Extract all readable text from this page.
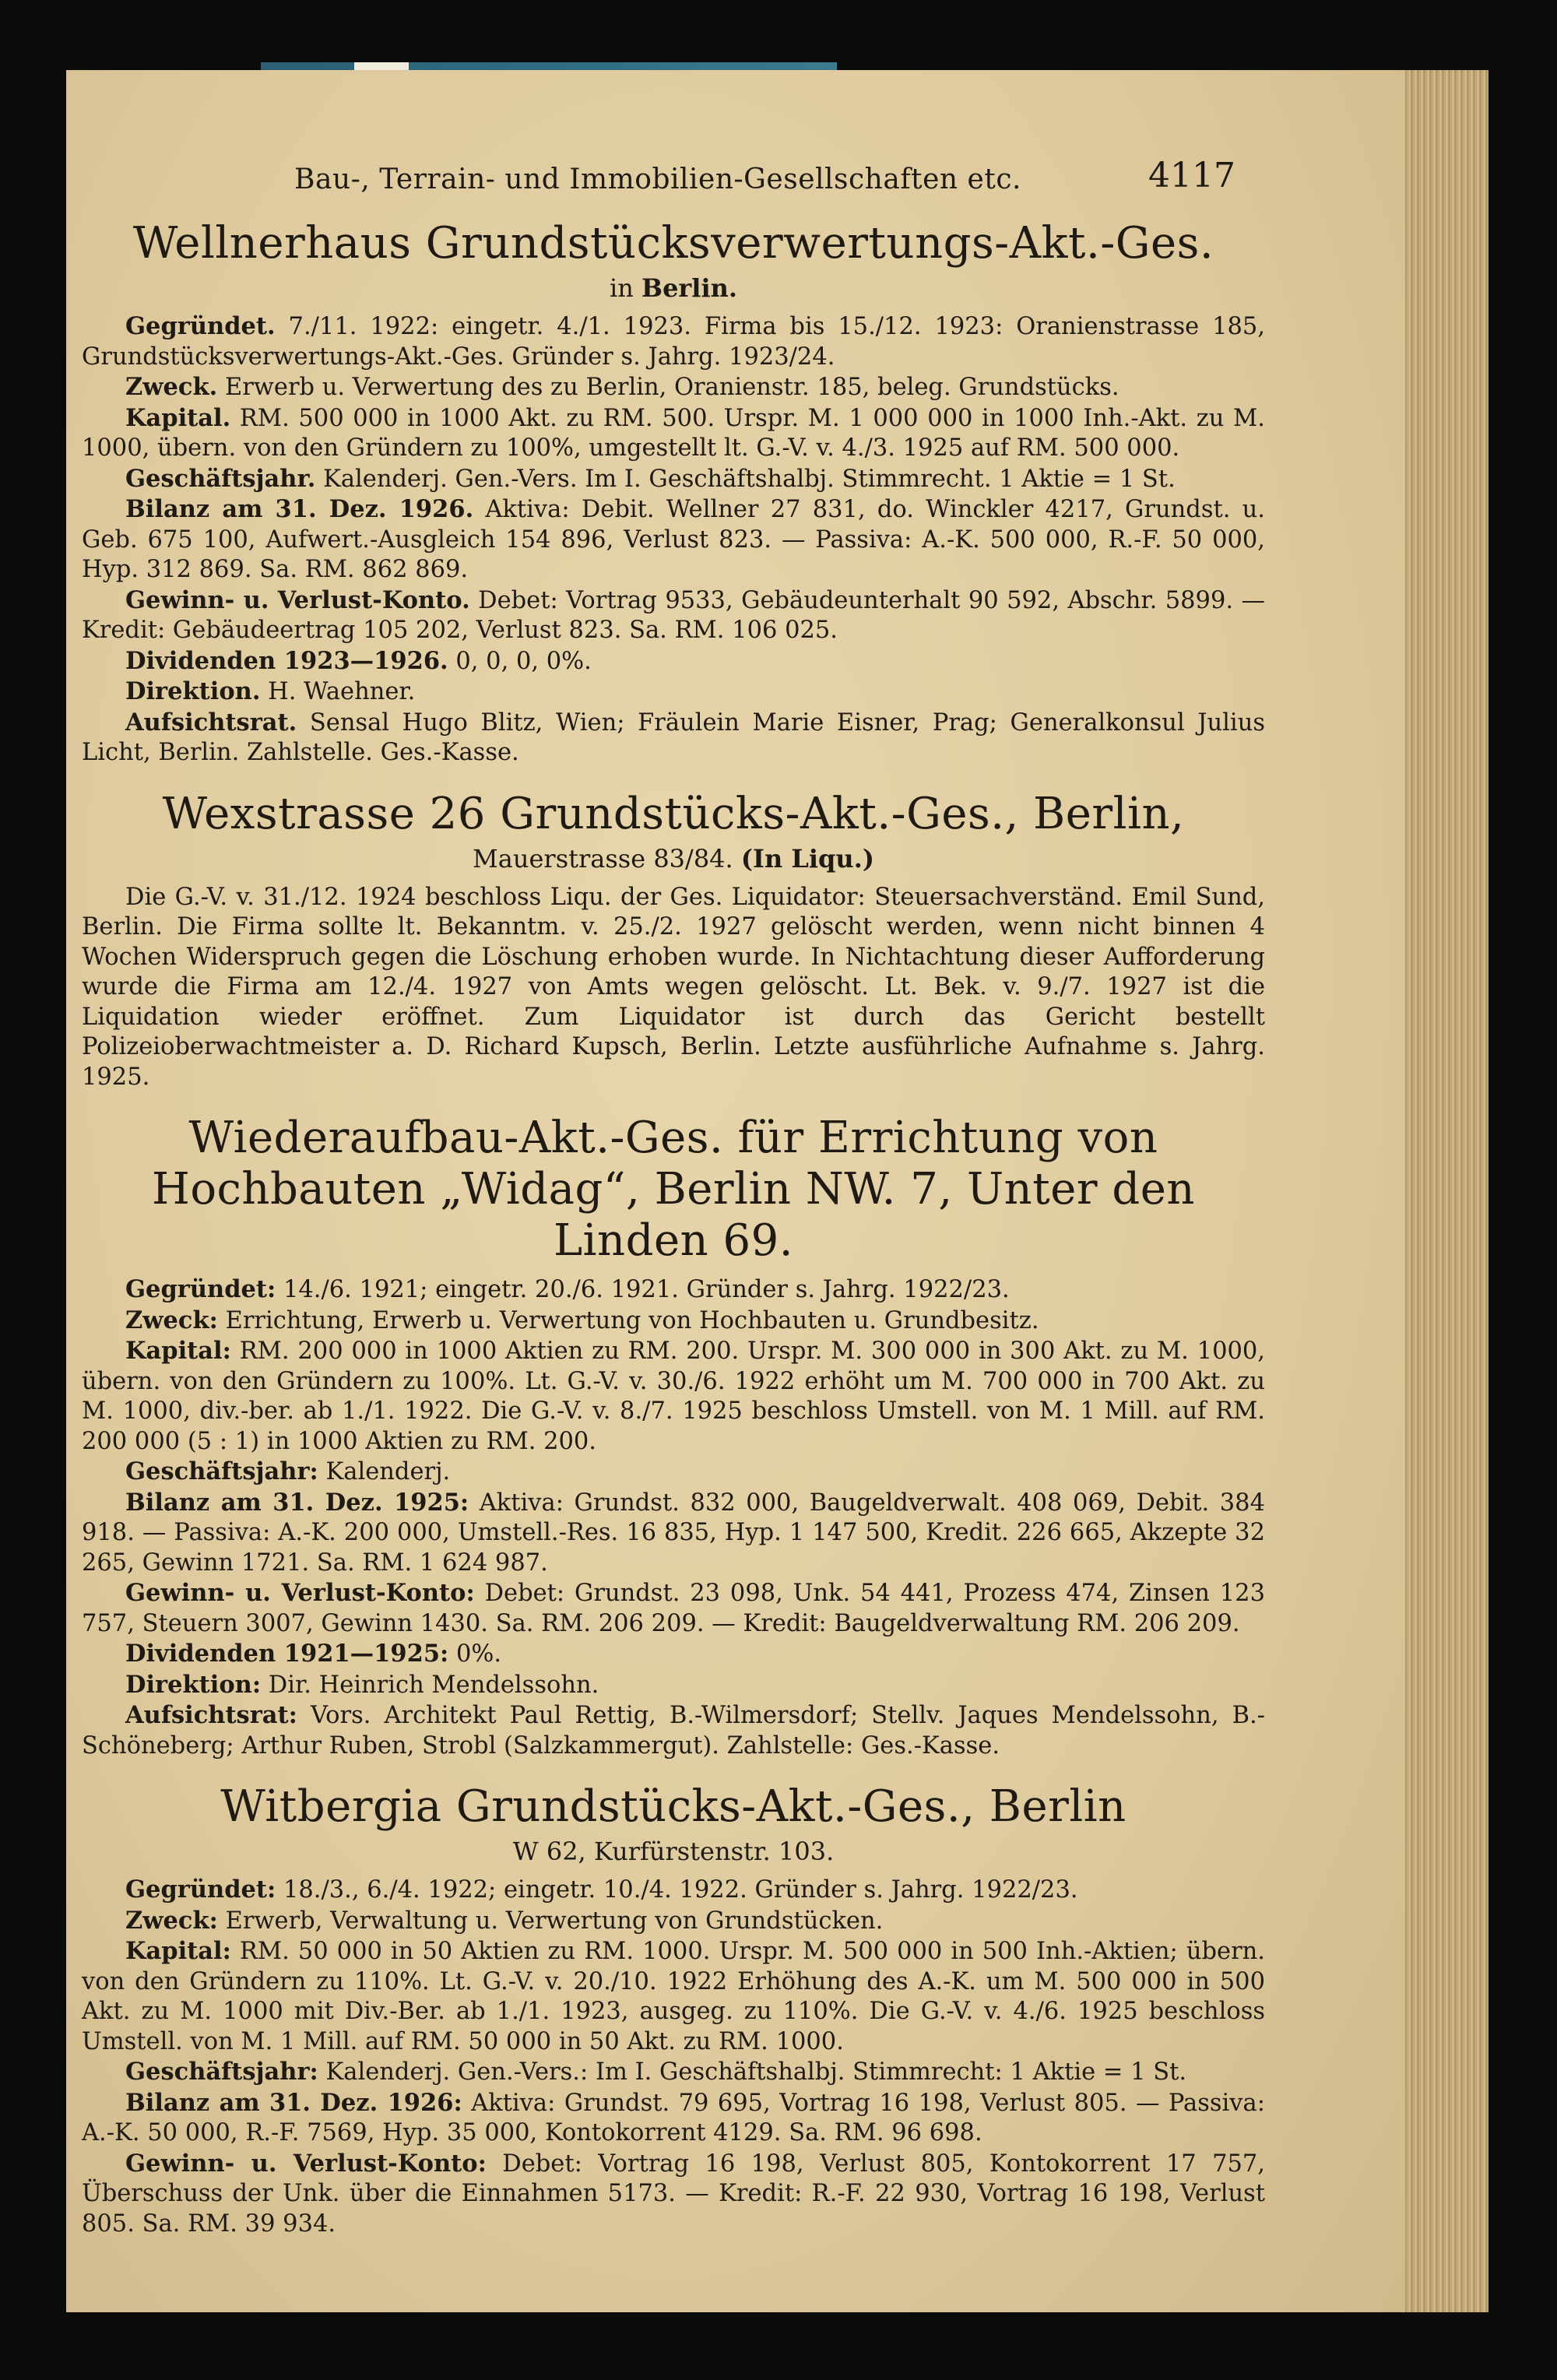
Bau-, Terrain- und Immobilien-Gesellschaften etc.	4117
Wellnerhaus Grundstücksverwertungs-Akt.-Ges.
in Berlin.

Gegründet. 7./11. 1922: eingetr. 4./1. 1923. Firma bis 15./12. 1923: Oranienstrasse 185, Grundstücksverwertungs-Akt.-Ges. Gründer s. Jahrg. 1923/24.

Zweck. Erwerb u. Verwertung des zu Berlin, Oranienstr. 185, beleg. Grundstücks.

Kapital. RM. 500 000 in 1000 Akt. zu RM. 500. Urspr. M. 1 000 000 in 1000 Inh.-Akt. zu M. 1000, übern. von den Gründern zu 100%, umgestellt lt. G.-V. v. 4./3. 1925 auf RM. 500 000.

Geschäftsjahr. Kalenderj. Gen.-Vers. Im I. Geschäftshalbj. Stimmrecht. 1 Aktie = 1 St.

Bilanz am 31. Dez. 1926. Aktiva: Debit. Wellner 27 831, do. Winckler 4217, Grundst. u. Geb. 675 100, Aufwert.-Ausgleich 154 896, Verlust 823. — Passiva: A.-K. 500 000, R.-F. 50 000, Hyp. 312 869. Sa. RM. 862 869.

Gewinn- u. Verlust-Konto. Debet: Vortrag 9533, Gebäudeunterhalt 90 592, Abschr. 5899. — Kredit: Gebäudeertrag 105 202, Verlust 823. Sa. RM. 106 025.

Dividenden 1923—1926. 0, 0, 0, 0%.

Direktion. H. Waehner.

Aufsichtsrat. Sensal Hugo Blitz, Wien; Fräulein Marie Eisner, Prag; Generalkonsul Julius Licht, Berlin. Zahlstelle. Ges.-Kasse.

Wexstrasse 26 Grundstücks-Akt.-Ges., Berlin,
Mauerstrasse 83/84. (In Liqu.)

Die G.-V. v. 31./12. 1924 beschloss Liqu. der Ges. Liquidator: Steuersachverständ. Emil Sund, Berlin. Die Firma sollte lt. Bekanntm. v. 25./2. 1927 gelöscht werden, wenn nicht binnen 4 Wochen Widerspruch gegen die Löschung erhoben wurde. In Nichtachtung dieser Aufforderung wurde die Firma am 12./4. 1927 von Amts wegen gelöscht. Lt. Bek. v. 9./7. 1927 ist die Liquidation wieder eröffnet. Zum Liquidator ist durch das Gericht bestellt Polizeioberwachtmeister a. D. Richard Kupsch, Berlin. Letzte ausführliche Aufnahme s. Jahrg. 1925.

Wiederaufbau-Akt.-Ges. für Errichtung von Hochbauten „Widag“, Berlin NW. 7, Unter den Linden 69.

Gegründet: 14./6. 1921; eingetr. 20./6. 1921. Gründer s. Jahrg. 1922/23.

Zweck: Errichtung, Erwerb u. Verwertung von Hochbauten u. Grundbesitz.

Kapital: RM. 200 000 in 1000 Aktien zu RM. 200. Urspr. M. 300 000 in 300 Akt. zu M. 1000, übern. von den Gründern zu 100%. Lt. G.-V. v. 30./6. 1922 erhöht um M. 700 000 in 700 Akt. zu M. 1000, div.-ber. ab 1./1. 1922. Die G.-V. v. 8./7. 1925 beschloss Umstell. von M. 1 Mill. auf RM. 200 000 (5 : 1) in 1000 Aktien zu RM. 200.

Geschäftsjahr: Kalenderj.

Bilanz am 31. Dez. 1925: Aktiva: Grundst. 832 000, Baugeldverwalt. 408 069, Debit. 384 918. — Passiva: A.-K. 200 000, Umstell.-Res. 16 835, Hyp. 1 147 500, Kredit. 226 665, Akzepte 32 265, Gewinn 1721. Sa. RM. 1 624 987.

Gewinn- u. Verlust-Konto: Debet: Grundst. 23 098, Unk. 54 441, Prozess 474, Zinsen 123 757, Steuern 3007, Gewinn 1430. Sa. RM. 206 209. — Kredit: Baugeldverwaltung RM. 206 209.

Dividenden 1921—1925: 0%.

Direktion: Dir. Heinrich Mendelssohn.

Aufsichtsrat: Vors. Architekt Paul Rettig, B.-Wilmersdorf; Stellv. Jaques Mendelssohn, B.-Schöneberg; Arthur Ruben, Strobl (Salzkammergut). Zahlstelle: Ges.-Kasse.

Witbergia Grundstücks-Akt.-Ges., Berlin
W 62, Kurfürstenstr. 103.

Gegründet: 18./3., 6./4. 1922; eingetr. 10./4. 1922. Gründer s. Jahrg. 1922/23.

Zweck: Erwerb, Verwaltung u. Verwertung von Grundstücken.

Kapital: RM. 50 000 in 50 Aktien zu RM. 1000. Urspr. M. 500 000 in 500 Inh.-Aktien; übern. von den Gründern zu 110%. Lt. G.-V. v. 20./10. 1922 Erhöhung des A.-K. um M. 500 000 in 500 Akt. zu M. 1000 mit Div.-Ber. ab 1./1. 1923, ausgeg. zu 110%. Die G.-V. v. 4./6. 1925 beschloss Umstell. von M. 1 Mill. auf RM. 50 000 in 50 Akt. zu RM. 1000.

Geschäftsjahr: Kalenderj. Gen.-Vers.: Im I. Geschäftshalbj. Stimmrecht: 1 Aktie = 1 St.

Bilanz am 31. Dez. 1926: Aktiva: Grundst. 79 695, Vortrag 16 198, Verlust 805. — Passiva: A.-K. 50 000, R.-F. 7569, Hyp. 35 000, Kontokorrent 4129. Sa. RM. 96 698.

Gewinn- u. Verlust-Konto: Debet: Vortrag 16 198, Verlust 805, Kontokorrent 17 757, Überschuss der Unk. über die Einnahmen 5173. — Kredit: R.-F. 22 930, Vortrag 16 198, Verlust 805. Sa. RM. 39 934.
